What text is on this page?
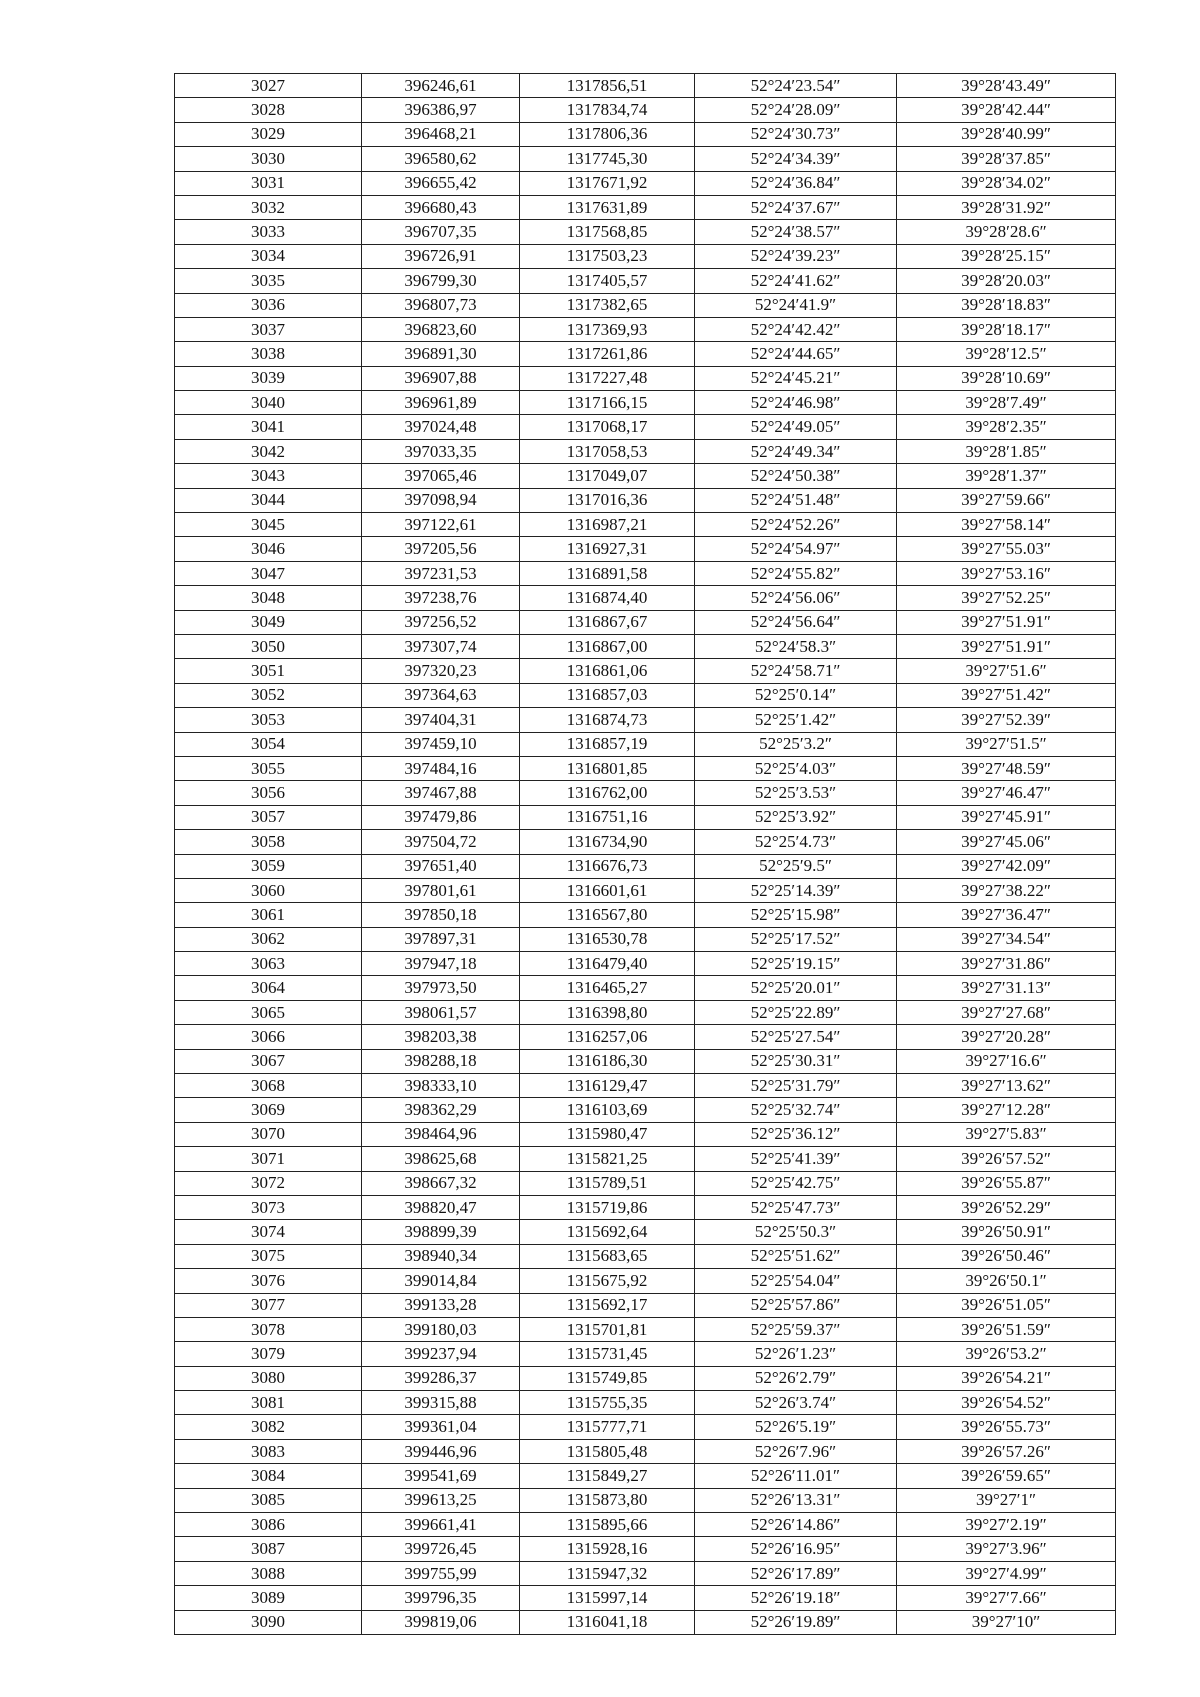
3027	396246,61	1317856,51	52°24′23.54″	39°28′43.49″
3028	396386,97	1317834,74	52°24′28.09″	39°28′42.44″
3029	396468,21	1317806,36	52°24′30.73″	39°28′40.99″
3030	396580,62	1317745,30	52°24′34.39″	39°28′37.85″
3031	396655,42	1317671,92	52°24′36.84″	39°28′34.02″
3032	396680,43	1317631,89	52°24′37.67″	39°28′31.92″
3033	396707,35	1317568,85	52°24′38.57″	39°28′28.6″
3034	396726,91	1317503,23	52°24′39.23″	39°28′25.15″
3035	396799,30	1317405,57	52°24′41.62″	39°28′20.03″
3036	396807,73	1317382,65	52°24′41.9″	39°28′18.83″
3037	396823,60	1317369,93	52°24′42.42″	39°28′18.17″
3038	396891,30	1317261,86	52°24′44.65″	39°28′12.5″
3039	396907,88	1317227,48	52°24′45.21″	39°28′10.69″
3040	396961,89	1317166,15	52°24′46.98″	39°28′7.49″
3041	397024,48	1317068,17	52°24′49.05″	39°28′2.35″
3042	397033,35	1317058,53	52°24′49.34″	39°28′1.85″
3043	397065,46	1317049,07	52°24′50.38″	39°28′1.37″
3044	397098,94	1317016,36	52°24′51.48″	39°27′59.66″
3045	397122,61	1316987,21	52°24′52.26″	39°27′58.14″
3046	397205,56	1316927,31	52°24′54.97″	39°27′55.03″
3047	397231,53	1316891,58	52°24′55.82″	39°27′53.16″
3048	397238,76	1316874,40	52°24′56.06″	39°27′52.25″
3049	397256,52	1316867,67	52°24′56.64″	39°27′51.91″
3050	397307,74	1316867,00	52°24′58.3″	39°27′51.91″
3051	397320,23	1316861,06	52°24′58.71″	39°27′51.6″
3052	397364,63	1316857,03	52°25′0.14″	39°27′51.42″
3053	397404,31	1316874,73	52°25′1.42″	39°27′52.39″
3054	397459,10	1316857,19	52°25′3.2″	39°27′51.5″
3055	397484,16	1316801,85	52°25′4.03″	39°27′48.59″
3056	397467,88	1316762,00	52°25′3.53″	39°27′46.47″
3057	397479,86	1316751,16	52°25′3.92″	39°27′45.91″
3058	397504,72	1316734,90	52°25′4.73″	39°27′45.06″
3059	397651,40	1316676,73	52°25′9.5″	39°27′42.09″
3060	397801,61	1316601,61	52°25′14.39″	39°27′38.22″
3061	397850,18	1316567,80	52°25′15.98″	39°27′36.47″
3062	397897,31	1316530,78	52°25′17.52″	39°27′34.54″
3063	397947,18	1316479,40	52°25′19.15″	39°27′31.86″
3064	397973,50	1316465,27	52°25′20.01″	39°27′31.13″
3065	398061,57	1316398,80	52°25′22.89″	39°27′27.68″
3066	398203,38	1316257,06	52°25′27.54″	39°27′20.28″
3067	398288,18	1316186,30	52°25′30.31″	39°27′16.6″
3068	398333,10	1316129,47	52°25′31.79″	39°27′13.62″
3069	398362,29	1316103,69	52°25′32.74″	39°27′12.28″
3070	398464,96	1315980,47	52°25′36.12″	39°27′5.83″
3071	398625,68	1315821,25	52°25′41.39″	39°26′57.52″
3072	398667,32	1315789,51	52°25′42.75″	39°26′55.87″
3073	398820,47	1315719,86	52°25′47.73″	39°26′52.29″
3074	398899,39	1315692,64	52°25′50.3″	39°26′50.91″
3075	398940,34	1315683,65	52°25′51.62″	39°26′50.46″
3076	399014,84	1315675,92	52°25′54.04″	39°26′50.1″
3077	399133,28	1315692,17	52°25′57.86″	39°26′51.05″
3078	399180,03	1315701,81	52°25′59.37″	39°26′51.59″
3079	399237,94	1315731,45	52°26′1.23″	39°26′53.2″
3080	399286,37	1315749,85	52°26′2.79″	39°26′54.21″
3081	399315,88	1315755,35	52°26′3.74″	39°26′54.52″
3082	399361,04	1315777,71	52°26′5.19″	39°26′55.73″
3083	399446,96	1315805,48	52°26′7.96″	39°26′57.26″
3084	399541,69	1315849,27	52°26′11.01″	39°26′59.65″
3085	399613,25	1315873,80	52°26′13.31″	39°27′1″
3086	399661,41	1315895,66	52°26′14.86″	39°27′2.19″
3087	399726,45	1315928,16	52°26′16.95″	39°27′3.96″
3088	399755,99	1315947,32	52°26′17.89″	39°27′4.99″
3089	399796,35	1315997,14	52°26′19.18″	39°27′7.66″
3090	399819,06	1316041,18	52°26′19.89″	39°27′10″
